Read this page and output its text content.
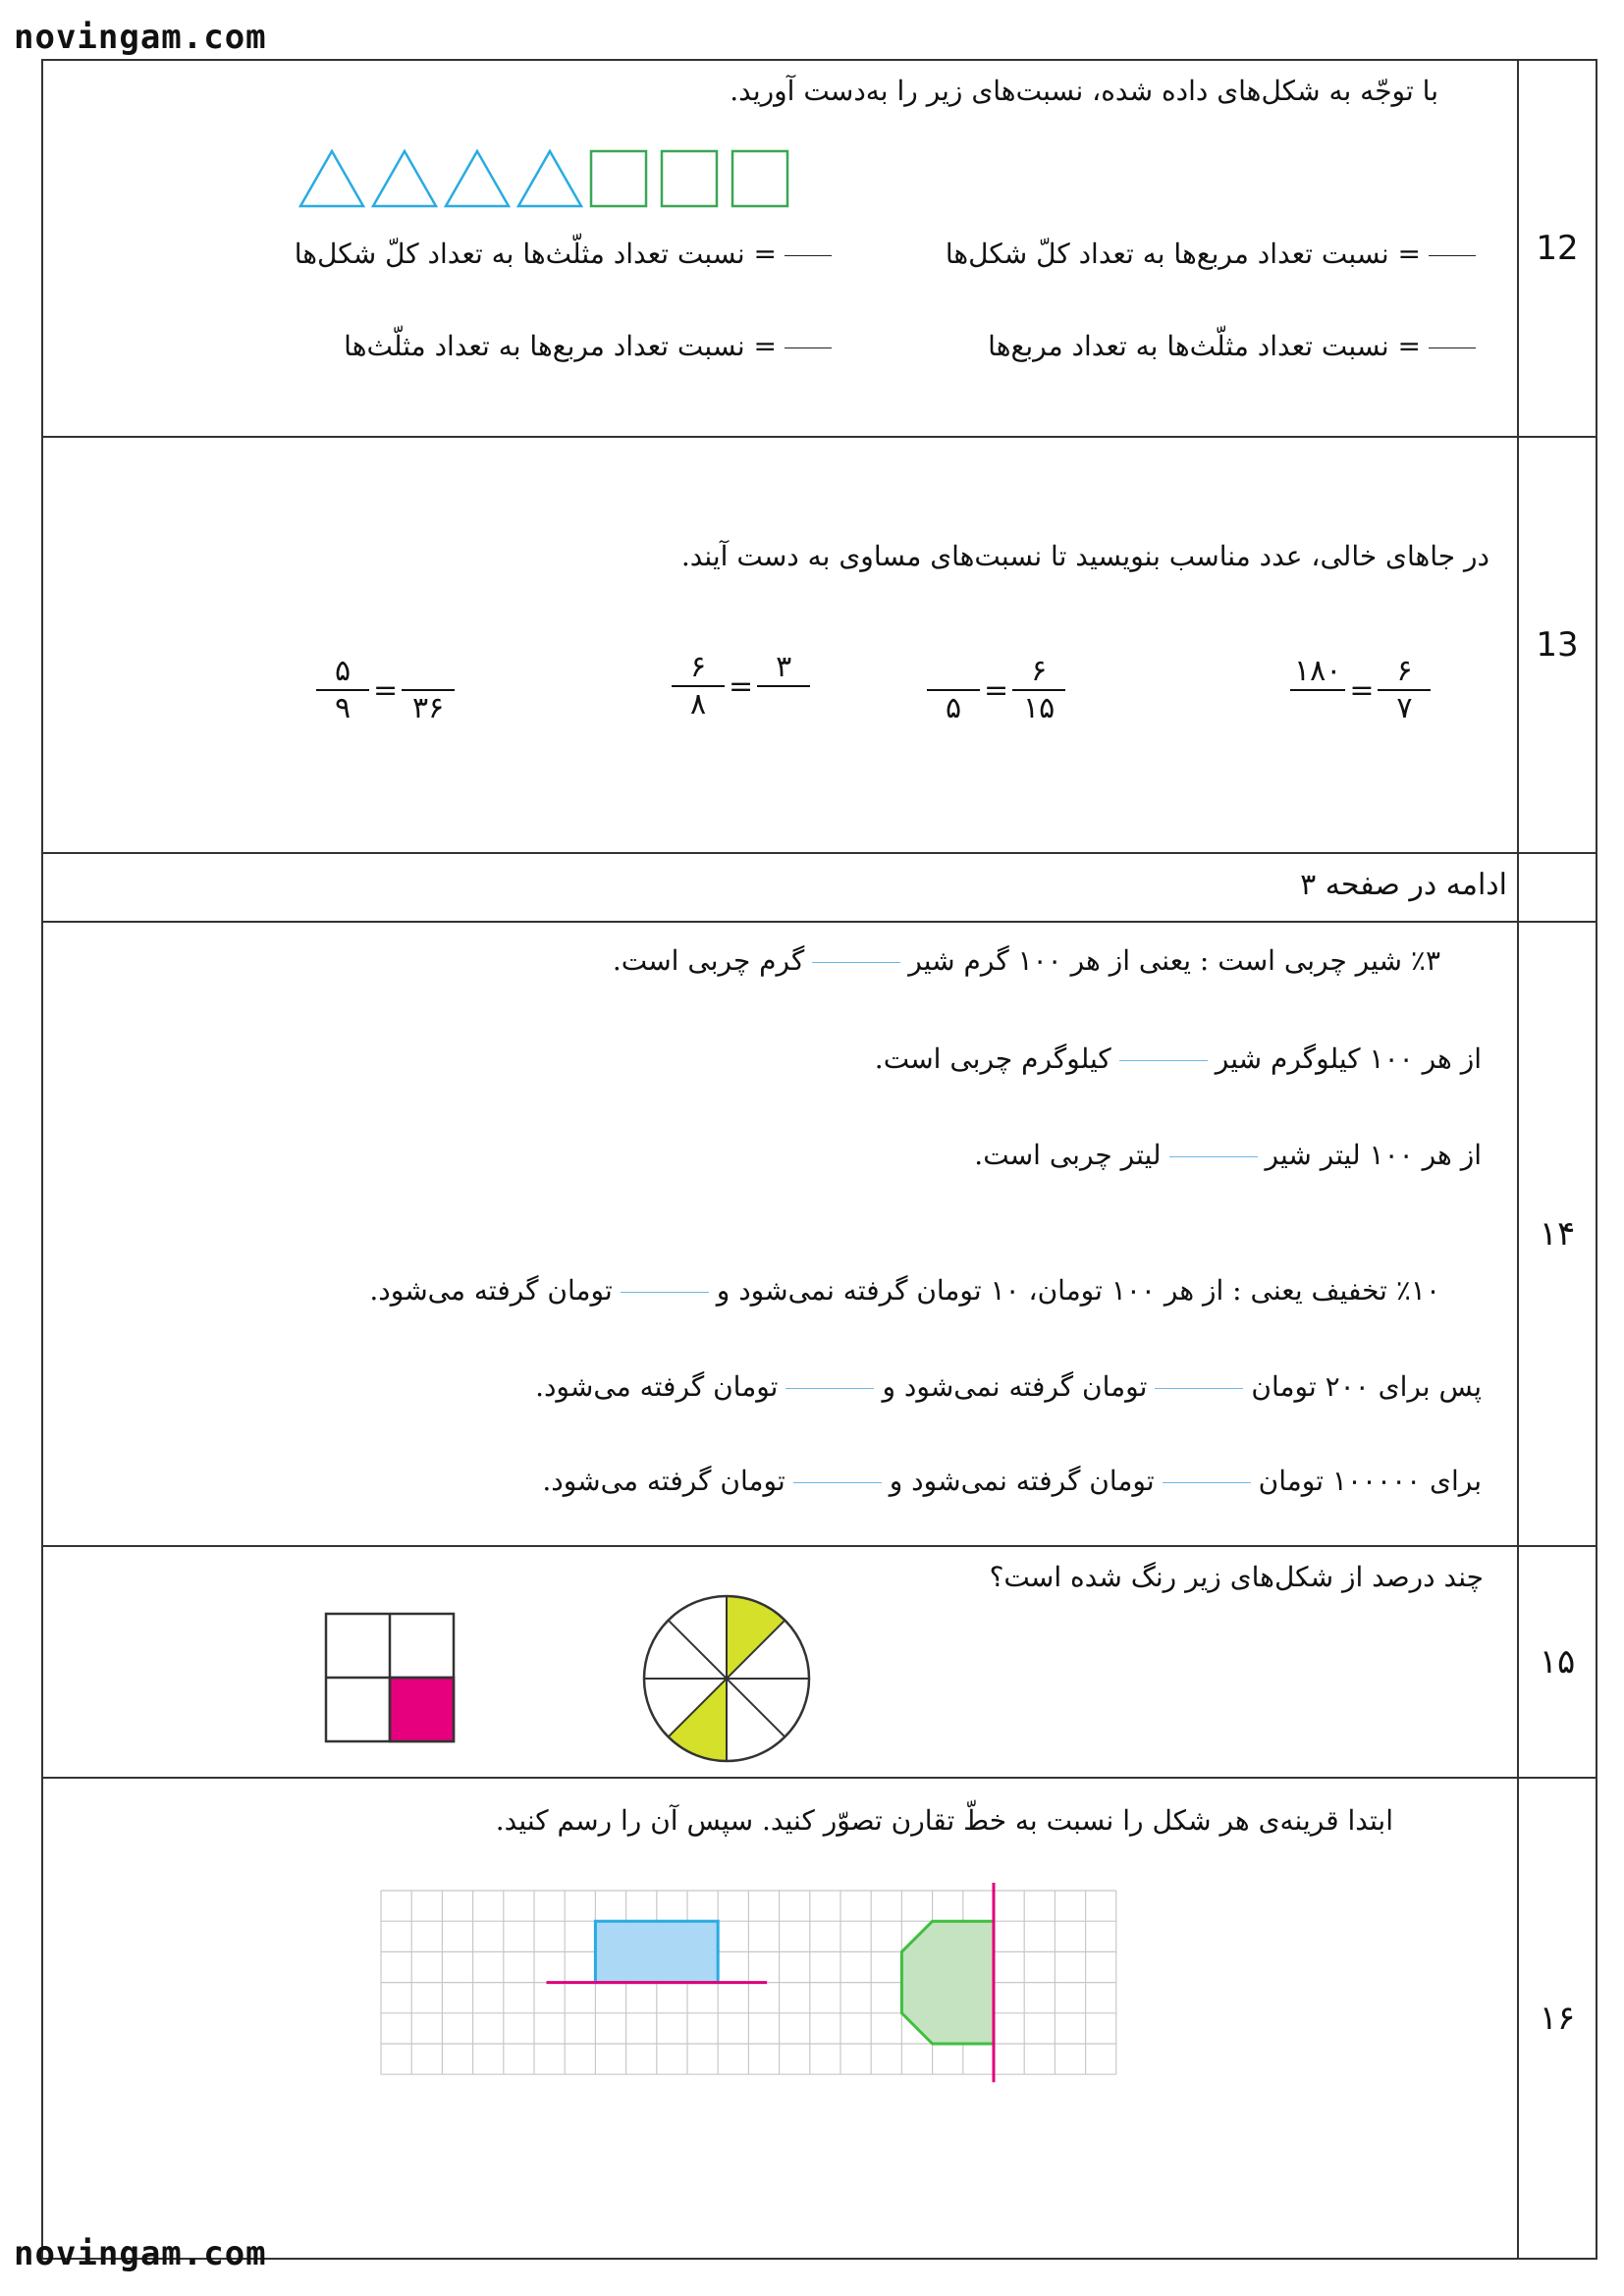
novingam.com
12
با توجّه به شکل‌های داده شده، نسبت‌های زیر را به‌دست آورید.
= نسبت تعداد مربع‌ها به تعداد کلّ شکل‌ها
= نسبت تعداد مثلّث‌ها به تعداد کلّ شکل‌ها
= نسبت تعداد مثلّث‌ها به تعداد مربع‌ها
= نسبت تعداد مربع‌ها به تعداد مثلّث‌ها
13
در جاهای خالی، عدد مناسب بنویسید تا نسبت‌های مساوی به دست آیند.
۱۸۰
=
۶
۷
۵
=
۶
۱۵
۶
۸
=
۳
۵
۹
=
۳۶
ادامه در صفحه ۳
۱۴
٪۳ شیر چربی است : یعنی از هر ۱۰۰ گرم شیرگرم چربی است.
از هر ۱۰۰ کیلوگرم شیرکیلوگرم چربی است.
از هر ۱۰۰ لیتر شیرلیتر چربی است.
٪۱۰ تخفیف یعنی : از هر ۱۰۰ تومان، ۱۰ تومان گرفته نمی‌شود وتومان گرفته می‌شود.
پس برای ۲۰۰ تومانتومان گرفته نمی‌شود وتومان گرفته می‌شود.
برای ۱۰۰۰۰۰ تومانتومان گرفته نمی‌شود وتومان گرفته می‌شود.
۱۵
چند درصد از شکل‌های زیر رنگ شده است؟
۱۶
ابتدا قرینه‌ی هر شکل را نسبت به خطّ تقارن تصوّر کنید. سپس آن را رسم کنید.
novingam.com
